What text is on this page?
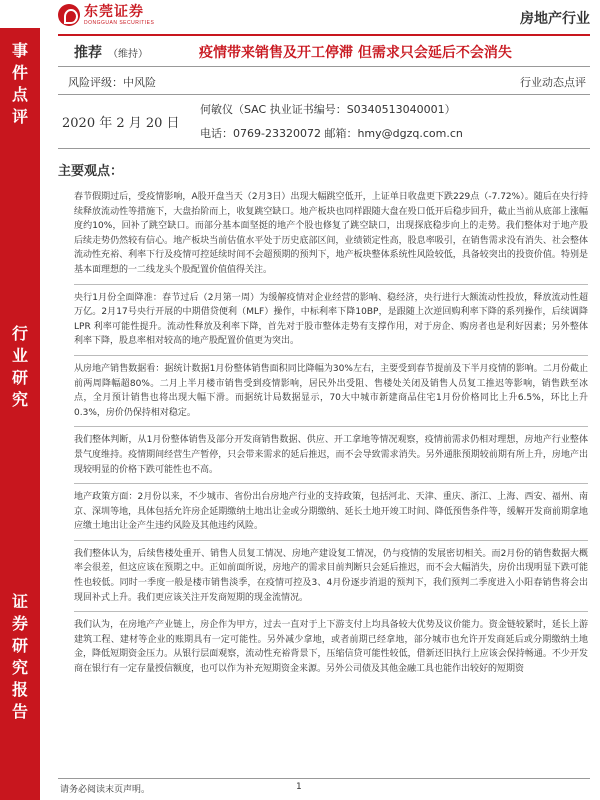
东莞证券
DONGGUAN SECURITIES	房地产行业
事
件
点
评
行
业
研
究
证
券
研
究
报
告
推荐 （维持）	疫情带来销售及开工停滞 但需求只会延后不会消失
风险评级：中风险	行业动态点评
2020 年 2 月 20 日
何敏仪（SAC 执业证书编号：S0340513040001）
电话：0769-23320072 邮箱：hmy@dgzq.com.cn
主要观点：

春节假期过后，受疫情影响，A股开盘当天（2月3日）出现大幅跳空低开，上证单日收盘更下跌229点（-7.72%）。随后在央行持续释放流动性等措施下，大盘抬阶而上，收复跳空缺口。地产板块也同样跟随大盘在殁口低开后稳步回升，截止当前从底部上涨幅度约10%，回补了跳空缺口。而部分基本面坚挺的地产个股也修复了跳空缺口，出现探底稳步向上的走势。我们整体对于地产股后续走势仍然较有信心。地产板块当前估值水平处于历史底部区间，业绩锁定性高，股息率吸引，在销售需求没有消失、社会整体流动性充裕、利率下行及疫情可控延续时间不会超预期的预判下，地产板块整体系统性风险较低，具备较突出的投资价值。特别是基本面理想的一二线龙头个股配置价值值得关注。

央行1月份全面降准：春节过后（2月第一周）为缓解疫情对企业经营的影响、稳经济，央行进行大额流动性投放，释放流动性超万亿。2月17号央行开展的中期借贷便利（MLF）操作，中标利率下降10BP，是跟随上次逆回购利率下降的系列操作，后续调降 LPR 利率可能性提升。流动性释放及利率下降，首先对于股市整体走势有支撑作用，对于房企、购房者也是利好因素；另外整体利率下降，股息率相对较高的地产股配置价值更为突出。

从房地产销售数据看：据统计数据1月份整体销售面积同比降幅为30%左右，主要受到春节提前及下半月疫情的影响。二月份截止前两周降幅超80%。二月上半月楼市销售受到疫情影响，居民外出受阻、售楼处关闭及销售人员复工推迟等影响，销售跌至冰点，全月预计销售也将出现大幅下滑。而据统计局数据显示，70大中城市新建商品住宅1月份价格同比上升6.5%，环比上升0.3%，房价仍保持相对稳定。

我们整体判断，从1月份整体销售及部分开发商销售数据、供应、开工拿地等情况观察，疫情前需求仍相对理想，房地产行业整体景气度维持。疫情期间经营生产暂停，只会带来需求的延后推迟，而不会导致需求消失。另外通胀预期较前期有所上升，房地产出现较明显的价格下跌可能性也不高。

地产政策方面：2月份以来，不少城市、省份出台房地产行业的支持政策，包括河北、天津、重庆、浙江、上海、西安、福州、南京、深圳等地，具体包括允许房企延期缴纳土地出让金或分期缴纳、延长土地开竣工时间、降低预售条件等，缓解开发商前期拿地应缴土地出让金产生违约风险及其他违约风险。

我们整体认为，后续售楼处重开、销售人员复工情况、房地产建设复工情况，仍与疫情的发展密切相关。而2月份的销售数据大概率会很差，但这应该在预期之中。正如前面所说，房地产的需求目前判断只会延后推迟，而不会大幅消失，房价出现明显下跌可能性也较低。同时一季度一般是楼市销售淡季，在疫情可控及3、4月份逐步消退的预判下，我们预判二季度进入小阳春销售将会出现回补式上升。我们更应该关注开发商短期的现金流情况。

我们认为，在房地产产业链上，房企作为甲方，过去一直对于上下游支付上均具备较大优势及议价能力。资金链较紧时，延长上游建筑工程、建材等企业的账期具有一定可能性。另外减少拿地，或者前期已经拿地，部分城市也允许开发商延后或分期缴纳土地金，降低短期资金压力。从银行层面观察，流动性充裕背景下，压缩信贷可能性较低，借新还旧执行上应该会保持畅通。不少开发商在银行有一定存量授信额度，也可以作为补充短期资金来源。另外公司债及其他金融工具也能作出较好的短期资

请务必阅读末页声明。	1
